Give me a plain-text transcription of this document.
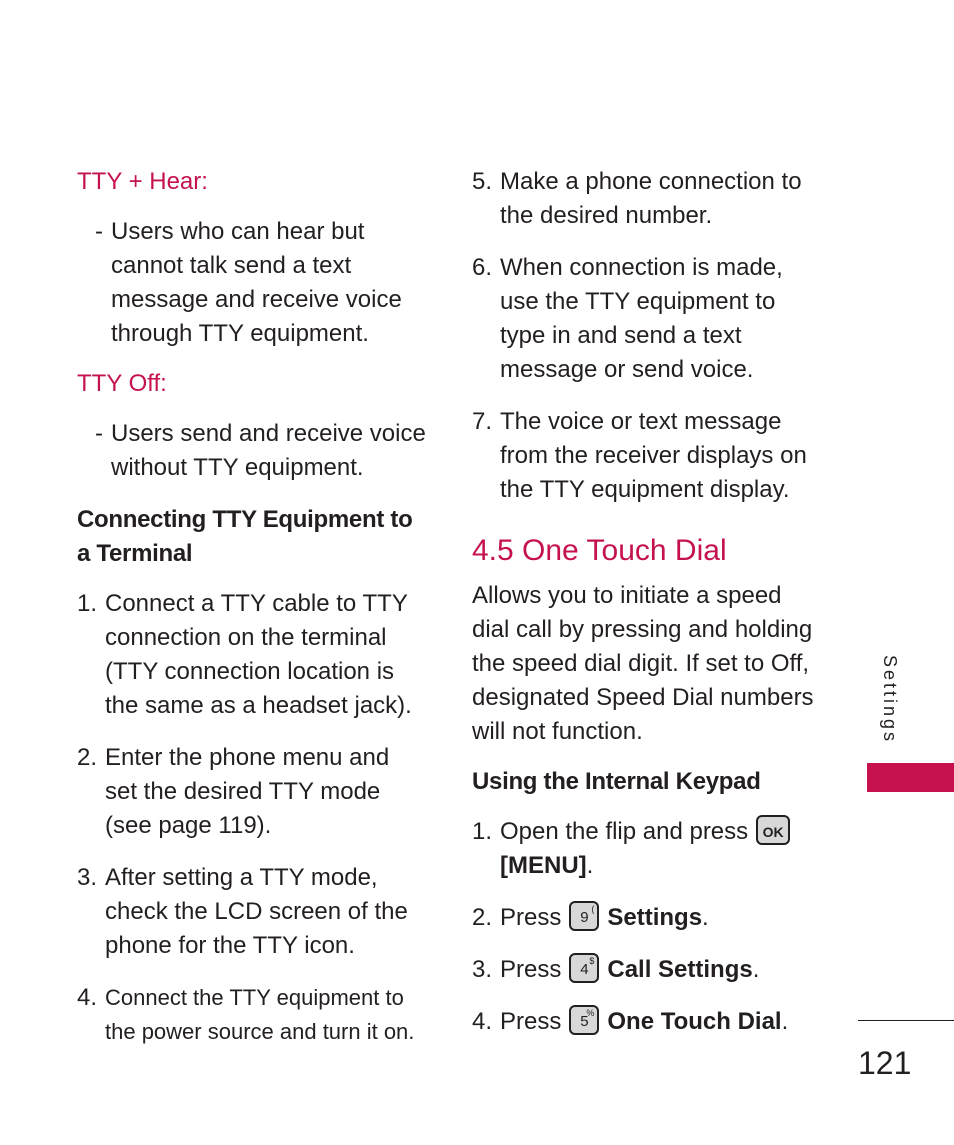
TTY + Hear:

- Users who can hear but cannot talk send a text message and receive voice through TTY equipment.

TTY Off:

- Users send and receive voice without TTY equipment.

Connecting TTY Equipment to a Terminal

1. Connect a TTY cable to TTY connection on the terminal (TTY connection location is the same as a headset jack).

2. Enter the phone menu and set the desired TTY mode (see page 119).

3. After setting a TTY mode, check the LCD screen of the phone for the TTY icon.

4. Connect the TTY equipment to the power source and turn it on.

5. Make a phone connection to the desired number.

6. When connection is made, use the TTY equipment to type in and send a text message or send voice.

7. The voice or text message from the receiver displays on the TTY equipment display.

4.5 One Touch Dial

Allows you to initiate a speed dial call by pressing and holding the speed dial digit. If set to Off, designated Speed Dial numbers will not function.

Using the Internal Keypad

1. Open the flip and press OK
[MENU].

2. Press 9 ( Settings.

3. Press 4 $ Call Settings.

4. Press 5
% One Touch Dial.

Settings
121
